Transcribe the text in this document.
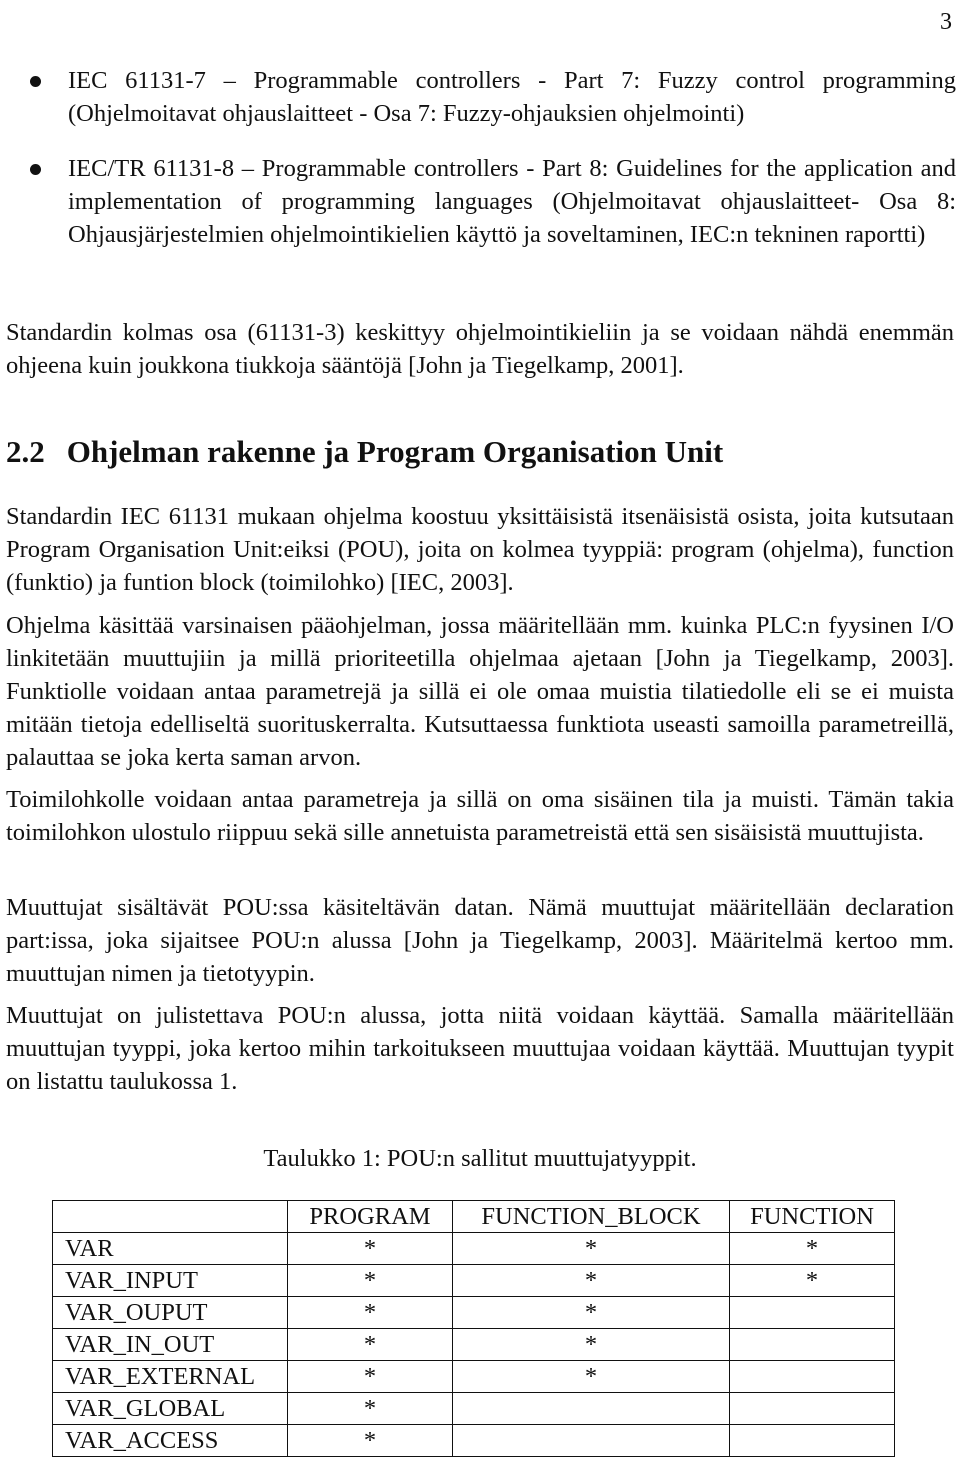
3
IEC 61131-7 – Programmable controllers - Part 7: Fuzzy control programming (Ohjelmoitavat ohjauslaitteet - Osa 7: Fuzzy-ohjauksien ohjelmointi)
IEC/TR 61131-8 – Programmable controllers - Part 8: Guidelines for the application and implementation of programming languages (Ohjelmoitavat ohjauslaitteet- Osa 8: Ohjausjärjestelmien ohjelmointikielien käyttö ja soveltaminen, IEC:n tekninen raportti)

Standardin kolmas osa (61131-3) keskittyy ohjelmointikieliin ja se voidaan nähdä enemmän ohjeena kuin joukkona tiukkoja sääntöjä [John ja Tiegelkamp, 2001].

2.2 Ohjelman rakenne ja Program Organisation Unit

Standardin IEC 61131 mukaan ohjelma koostuu yksittäisistä itsenäisistä osista, joita kutsutaan Program Organisation Unit:eiksi (POU), joita on kolmea tyyppiä: program (ohjelma), function (funktio) ja funtion block (toimilohko) [IEC, 2003].

Ohjelma käsittää varsinaisen pääohjelman, jossa määritellään mm. kuinka PLC:n fyysinen I/O linkitetään muuttujiin ja millä prioriteetilla ohjelmaa ajetaan [John ja Tiegelkamp, 2003]. Funktiolle voidaan antaa parametrejä ja sillä ei ole omaa muistia tilatiedolle eli se ei muista mitään tietoja edelliseltä suorituskerralta. Kutsuttaessa funktiota useasti samoilla parametreillä, palauttaa se joka kerta saman arvon.

Toimilohkolle voidaan antaa parametreja ja sillä on oma sisäinen tila ja muisti. Tämän takia toimilohkon ulostulo riippuu sekä sille annetuista parametreistä että sen sisäisistä muuttujista.

Muuttujat sisältävät POU:ssa käsiteltävän datan. Nämä muuttujat määritellään declaration part:issa, joka sijaitsee POU:n alussa [John ja Tiegelkamp, 2003]. Määritelmä kertoo mm. muuttujan nimen ja tietotyypin.

Muuttujat on julistettava POU:n alussa, jotta niitä voidaan käyttää. Samalla määritellään muuttujan tyyppi, joka kertoo mihin tarkoitukseen muuttujaa voidaan käyttää. Muuttujan tyypit on listattu taulukossa 1.

Taulukko 1: POU:n sallitut muuttujatyyppit.

	PROGRAM	FUNCTION_BLOCK	FUNCTION
VAR	*	*	*
VAR_INPUT	*	*	*
VAR_OUPUT	*	*	
VAR_IN_OUT	*	*	
VAR_EXTERNAL	*	*	
VAR_GLOBAL	*		
VAR_ACCESS	*		
